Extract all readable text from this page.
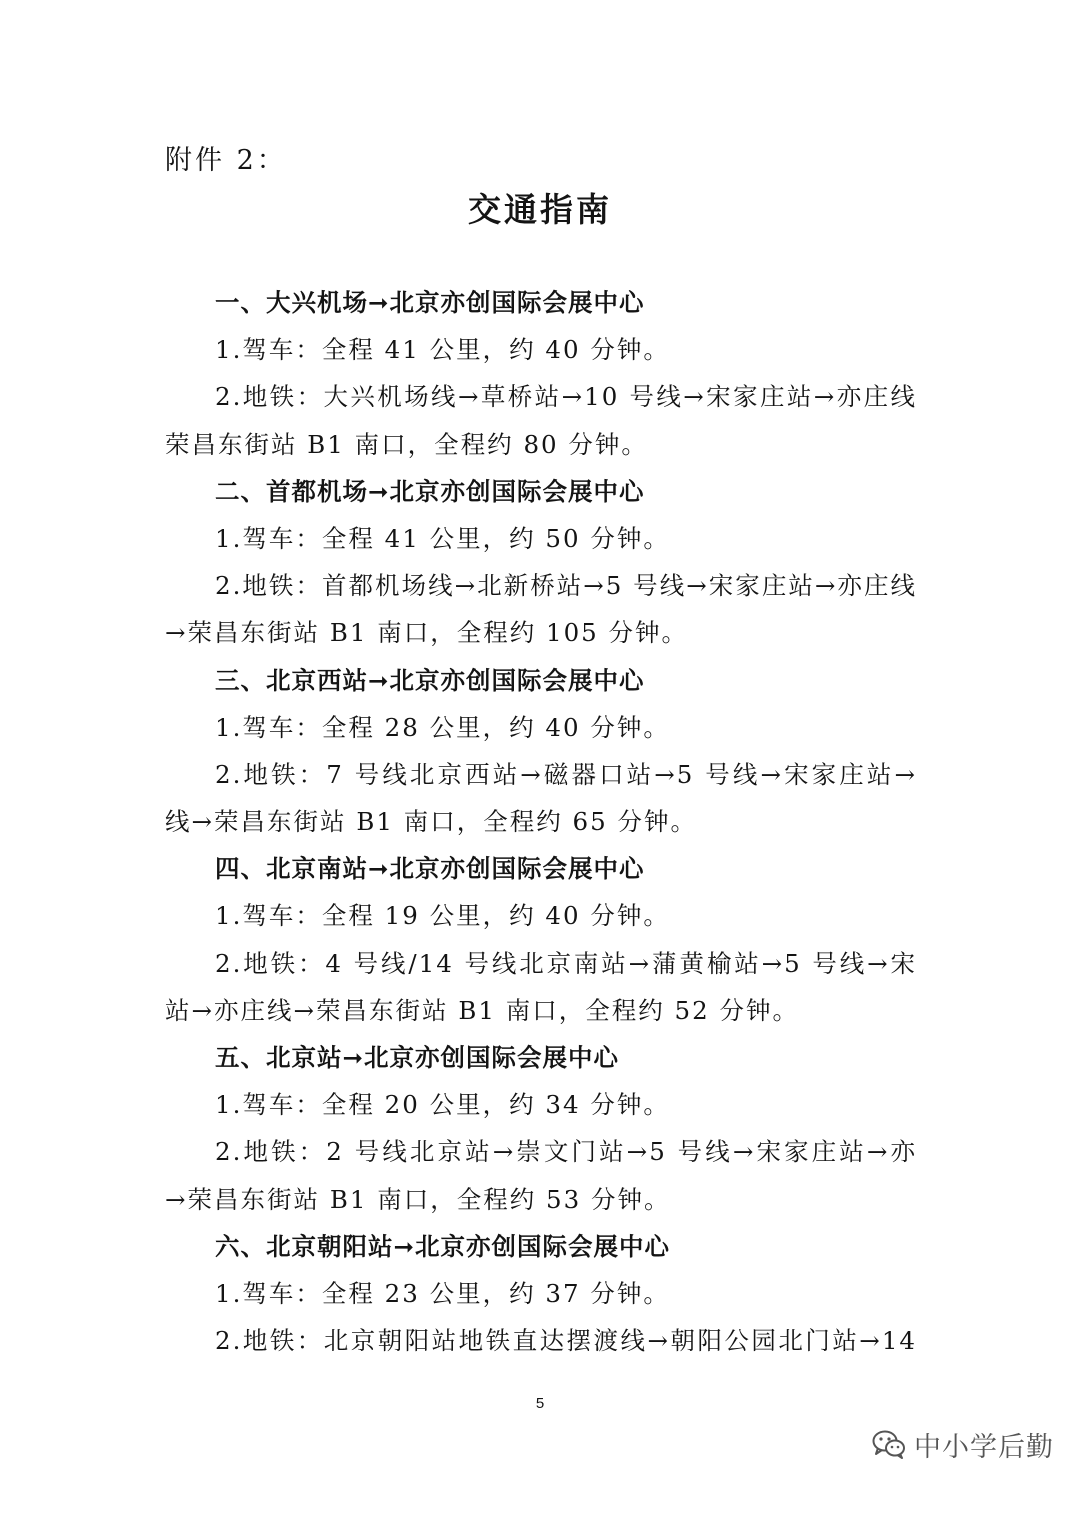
附件 2：
交通指南
一、大兴机场➞北京亦创国际会展中心
1.驾车：全程 41 公里，约 40 分钟。
2.地铁：大兴机场线→草桥站→10 号线→宋家庄站→亦庄线
荣昌东街站 B1 南口，全程约 80 分钟。
二、首都机场➞北京亦创国际会展中心
1.驾车：全程 41 公里，约 50 分钟。
2.地铁：首都机场线→北新桥站→5 号线→宋家庄站→亦庄线
→荣昌东街站 B1 南口，全程约 105 分钟。
三、北京西站➞北京亦创国际会展中心
1.驾车：全程 28 公里，约 40 分钟。
2.地铁：7 号线北京西站→磁器口站→5 号线→宋家庄站→
线→荣昌东街站 B1 南口，全程约 65 分钟。
四、北京南站➞北京亦创国际会展中心
1.驾车：全程 19 公里，约 40 分钟。
2.地铁：4 号线/14 号线北京南站→蒲黄榆站→5 号线→宋
站→亦庄线→荣昌东街站 B1 南口，全程约 52 分钟。
五、北京站➞北京亦创国际会展中心
1.驾车：全程 20 公里，约 34 分钟。
2.地铁：2 号线北京站→崇文门站→5 号线→宋家庄站→亦
→荣昌东街站 B1 南口，全程约 53 分钟。
六、北京朝阳站➞北京亦创国际会展中心
1.驾车：全程 23 公里，约 37 分钟。
2.地铁：北京朝阳站地铁直达摆渡线→朝阳公园北门站→14
5
中小学后勤
